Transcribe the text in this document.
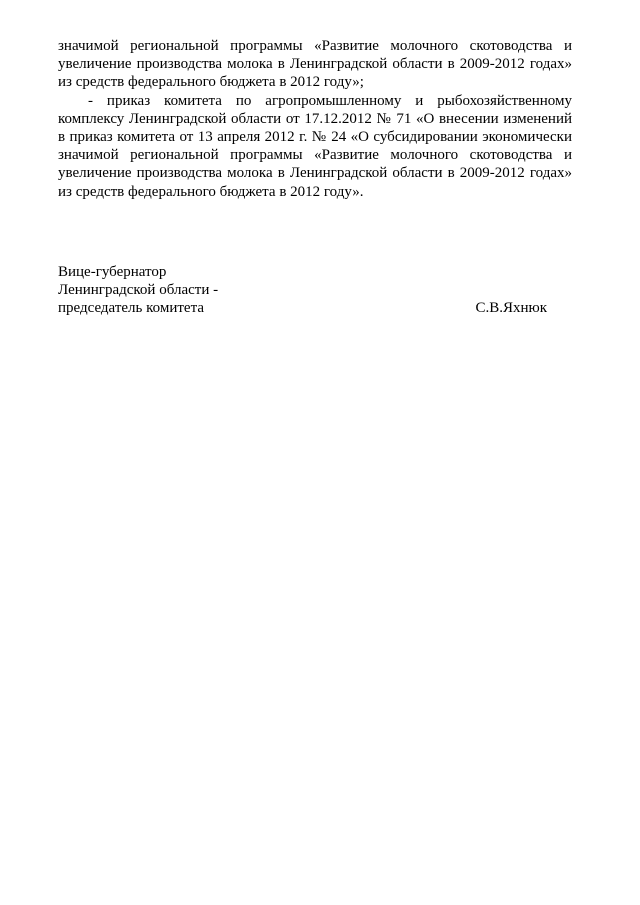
значимой региональной программы «Развитие молочного скотоводства и увеличение производства молока в Ленинградской области в 2009-2012 годах» из средств федерального бюджета в 2012 году»;

- приказ комитета по агропромышленному и рыбохозяйственному комплексу Ленинградской области от 17.12.2012 № 71 «О внесении изменений в приказ комитета от 13 апреля 2012 г. № 24 «О субсидировании экономически значимой региональной программы «Развитие молочного скотоводства и увеличение производства молока в Ленинградской области в 2009-2012 годах» из средств федерального бюджета в 2012 году».

Вице-губернатор
Ленинградской области -
председатель комитета	С.В.Яхнюк
